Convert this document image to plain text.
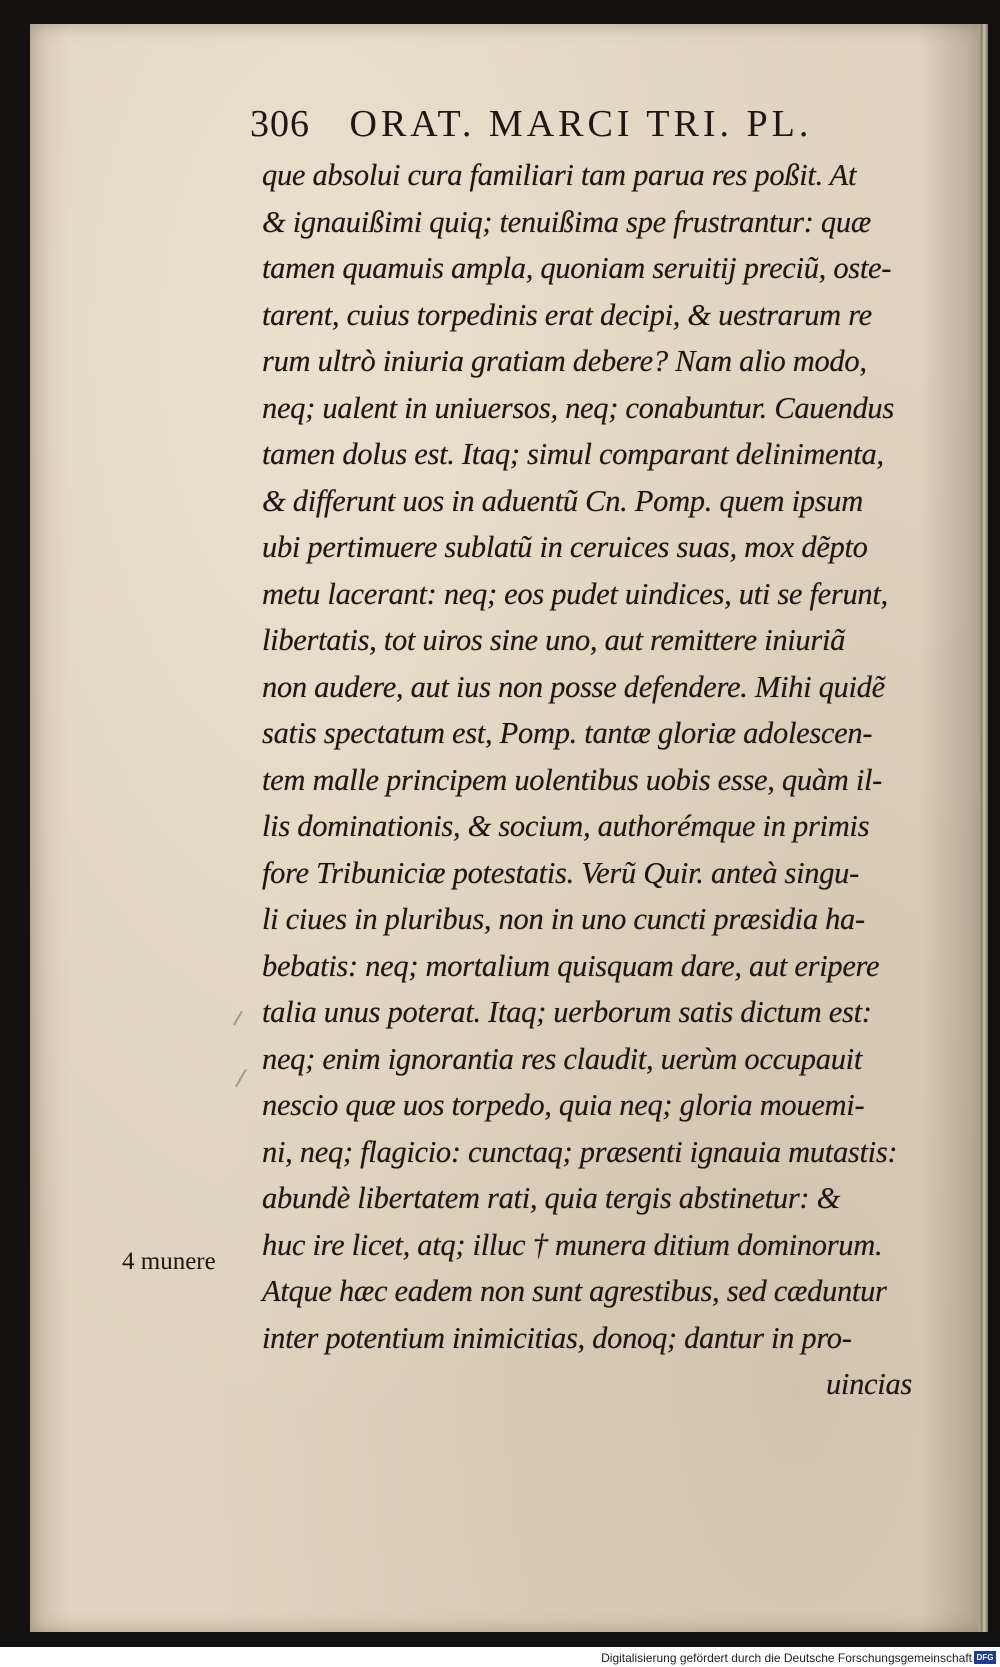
306 ORAT. MARCI TRI. PL.
que absolui cura familiari tam parua res poßit. At
& ignauißimi quiq; tenuißima spe frustrantur: quæ
tamen quamuis ampla, quoniam seruitij preciũ, oste-
tarent, cuius torpedinis erat decipi, & uestrarum re
rum ultrò iniuria gratiam debere? Nam alio modo,
neq; ualent in uniuersos, neq; conabuntur. Cauendus
tamen dolus est. Itaq; simul comparant delinimenta,
& differunt uos in aduentũ Cn. Pomp. quem ipsum
ubi pertimuere sublatũ in ceruices suas, mox dẽpto
metu lacerant: neq; eos pudet uindices, uti se ferunt,
libertatis, tot uiros sine uno, aut remittere iniuriã
non audere, aut ius non posse defendere. Mihi quidẽ
satis spectatum est, Pomp. tantæ gloriæ adolescen-
tem malle principem uolentibus uobis esse, quàm il-
lis dominationis, & socium, authorémque in primis
fore Tribuniciæ potestatis. Verũ Quir. anteà singu-
li ciues in pluribus, non in uno cuncti præsidia ha-
bebatis: neq; mortalium quisquam dare, aut eripere
talia unus poterat. Itaq; uerborum satis dictum est:
neq; enim ignorantia res claudit, uerùm occupauit
nescio quæ uos torpedo, quia neq; gloria mouemi-
ni, neq; flagicio: cunctaq; præsenti ignauia mutastis:
abundè libertatem rati, quia tergis abstinetur: &
huc ire licet, atq; illuc † munera ditium dominorum.
Atque hæc eadem non sunt agrestibus, sed cæduntur
inter potentium inimicitias, donoq; dantur in pro-
uincias
4 munere
Digitalisierung gefördert durch die Deutsche Forschungsgemeinschaft DFG
